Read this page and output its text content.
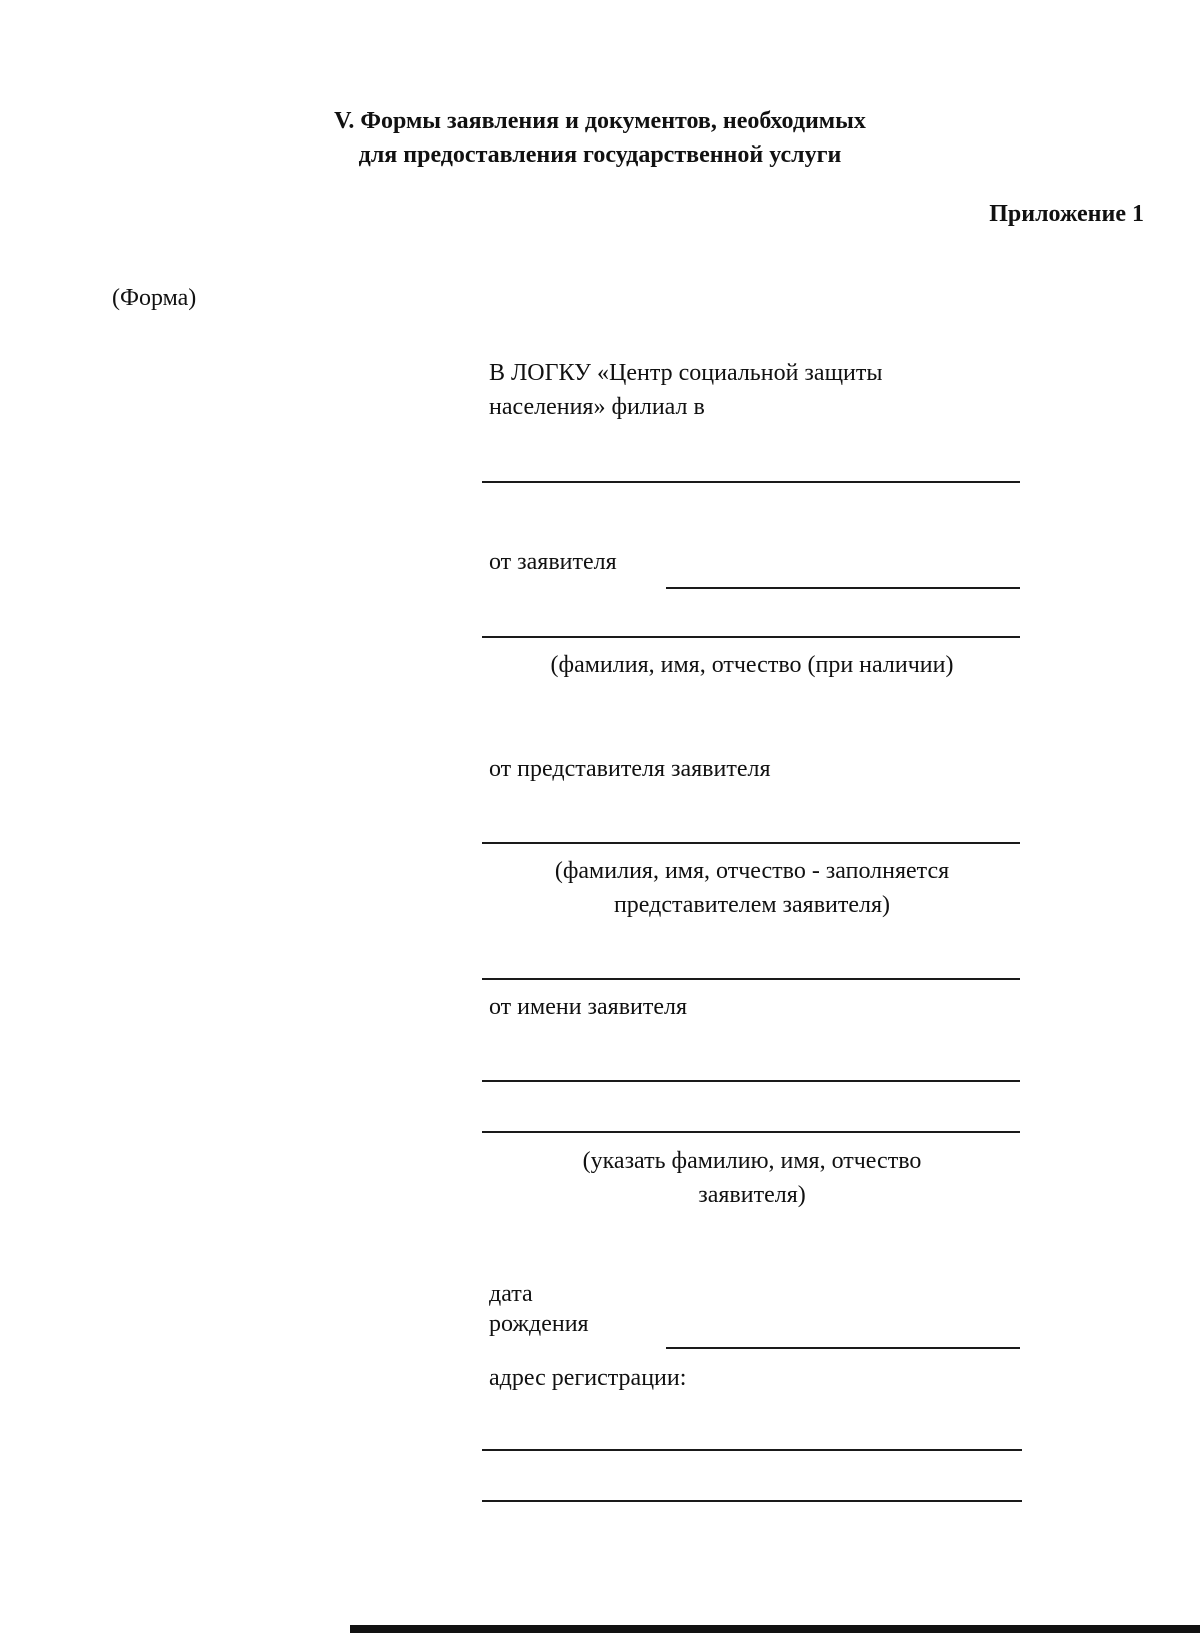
V. Формы заявления и документов, необходимых
для предоставления государственной услуги
Приложение 1
(Форма)
В ЛОГКУ «Центр социальной защиты
населения» филиал в
от заявителя
(фамилия, имя, отчество (при наличии)
от представителя заявителя
(фамилия, имя, отчество - заполняется
представителем заявителя)
от имени заявителя
(указать фамилию, имя, отчество
заявителя)
дата
рождения
адрес регистрации:
